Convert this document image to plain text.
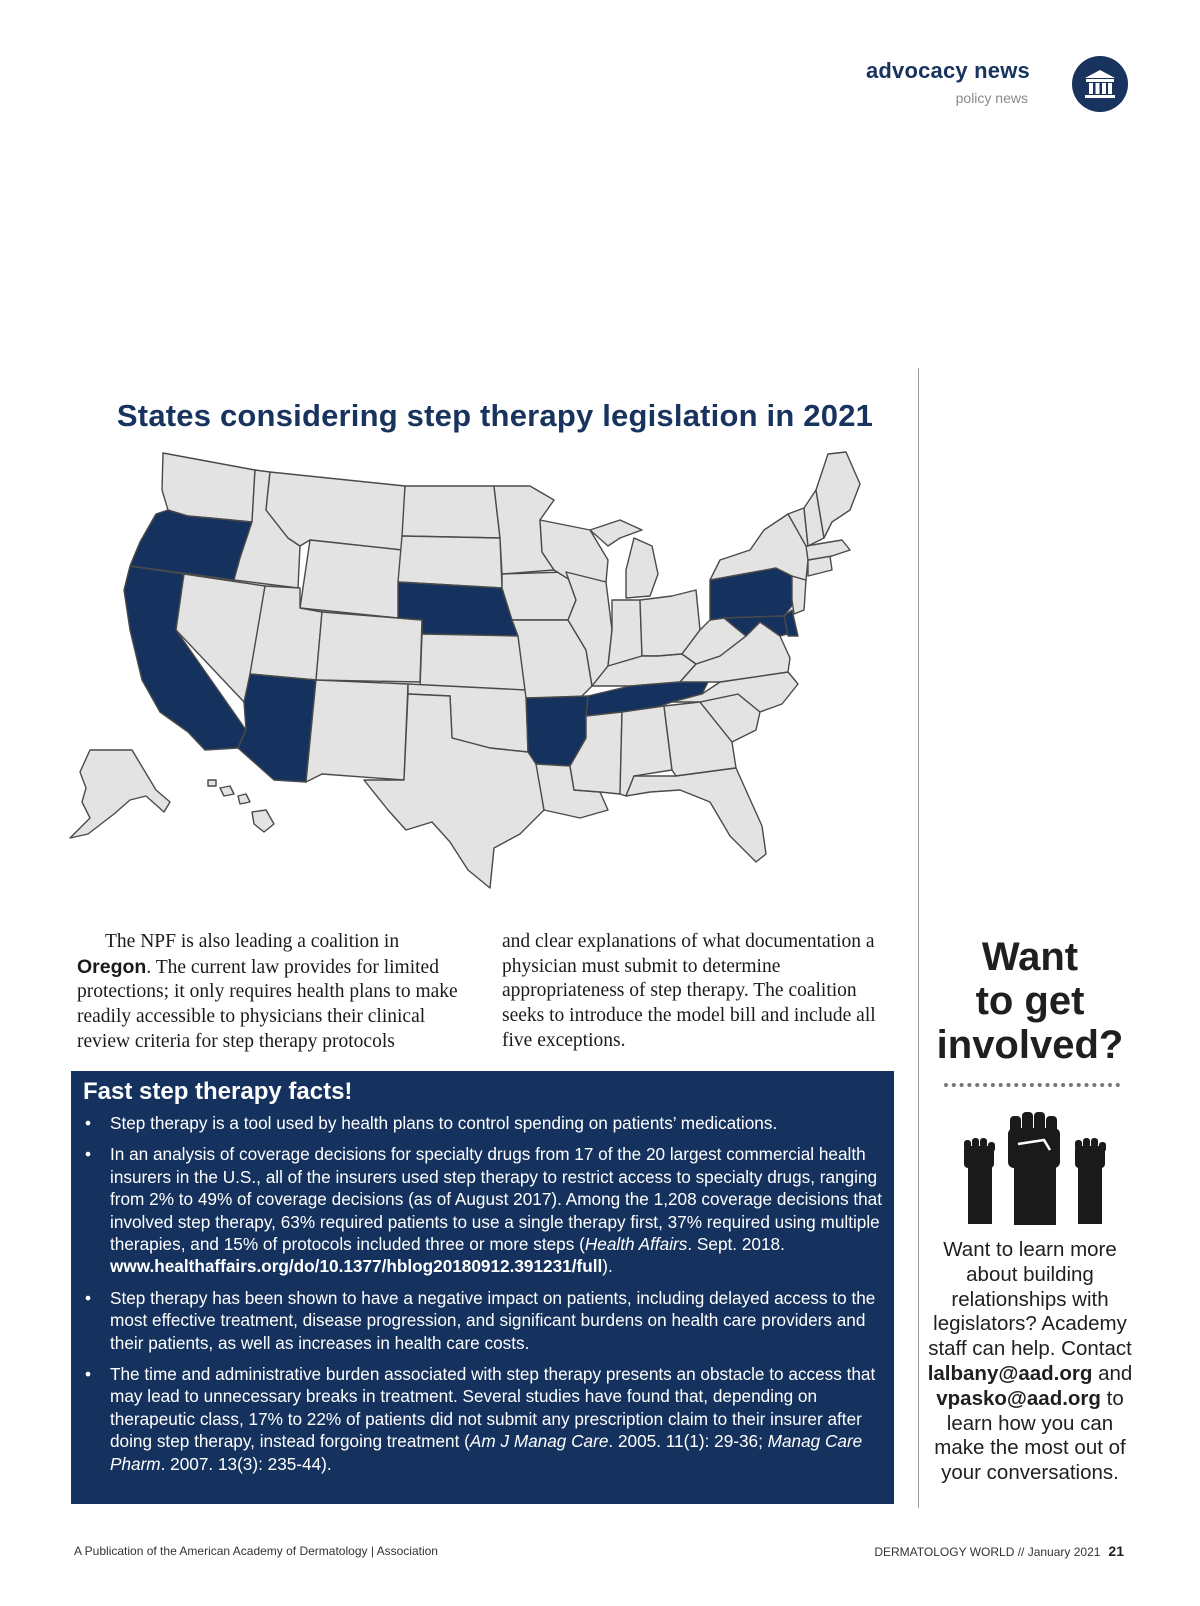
advocacy news
policy news
States considering step therapy legislation in 2021

The NPF is also leading a coalition in Oregon. The current law provides for limited protections; it only requires health plans to make readily accessible to physicians their clinical review criteria for step therapy protocols

and clear explanations of what documentation a physician must submit to determine appropriateness of step therapy. The coalition seeks to introduce the model bill and include all five exceptions.

Fast step therapy facts!
• Step therapy is a tool used by health plans to control spending on patients’ medications.
• In an analysis of coverage decisions for specialty drugs from 17 of the 20 largest commercial health insurers in the U.S., all of the insurers used step therapy to restrict access to specialty drugs, ranging from 2% to 49% of coverage decisions (as of August 2017). Among the 1,208 coverage decisions that involved step therapy, 63% required patients to use a single therapy first, 37% required using multiple therapies, and 15% of protocols included three or more steps (Health Affairs. Sept. 2018. www.healthaffairs.org/do/10.1377/hblog20180912.391231/full).
• Step therapy has been shown to have a negative impact on patients, including delayed access to the most effective treatment, disease progression, and significant burdens on health care providers and their patients, as well as increases in health care costs.
• The time and administrative burden associated with step therapy presents an obstacle to access that may lead to unnecessary breaks in treatment. Several studies have found that, depending on therapeutic class, 17% to 22% of patients did not submit any prescription claim to their insurer after doing step therapy, instead forgoing treatment (Am J Manag Care. 2005. 11(1): 29-36; Manag Care Pharm. 2007. 13(3): 235-44).
Want
to get
involved?
Want to learn more about building relationships with legislators? Academy staff can help. Contact lalbany@aad.org and vpasko@aad.org to learn how you can make the most out of your conversations.
A Publication of the American Academy of Dermatology | Association	DERMATOLOGY WORLD // January 2021 21
